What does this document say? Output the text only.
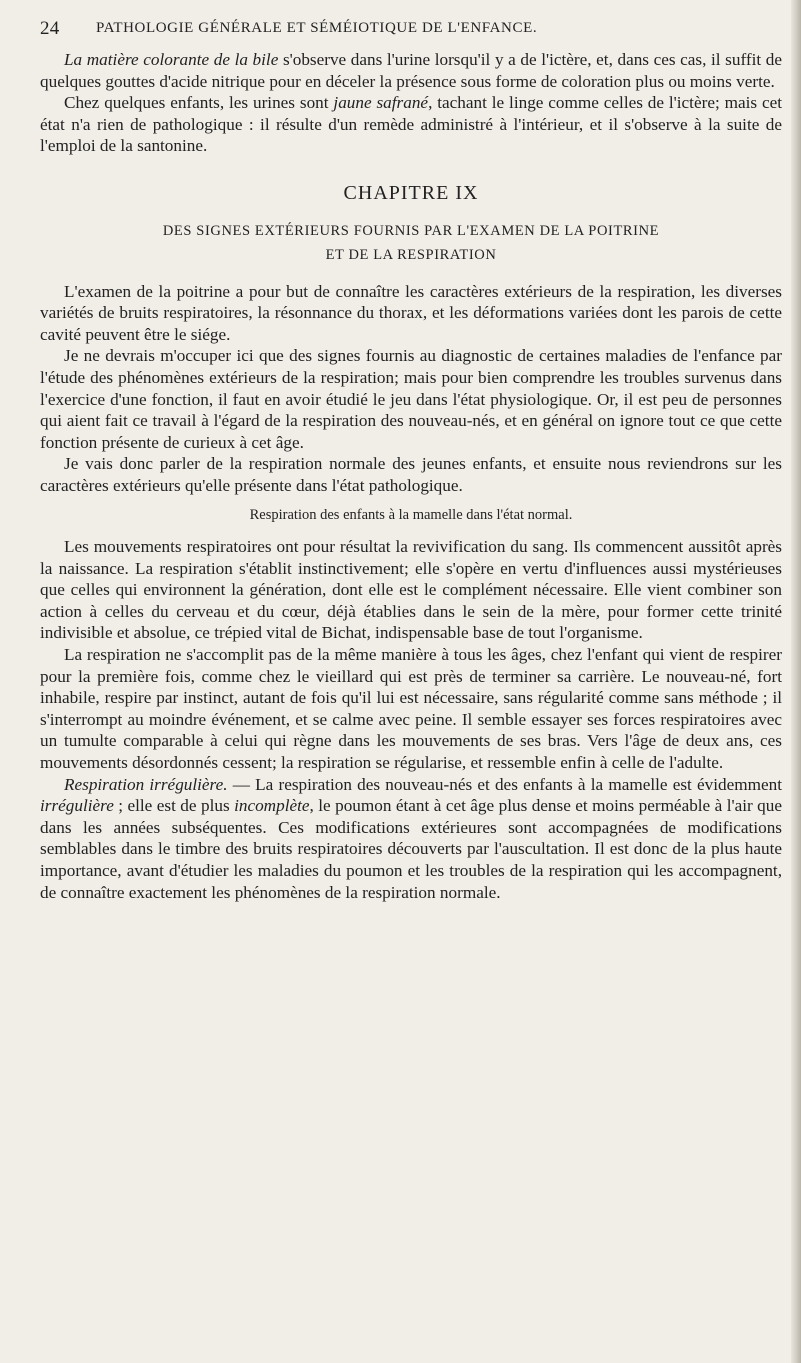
24 PATHOLOGIE GÉNÉRALE ET SÉMÉIOTIQUE DE L'ENFANCE.

La matière colorante de la bile s'observe dans l'urine lorsqu'il y a de l'ictère, et, dans ces cas, il suffit de quelques gouttes d'acide nitrique pour en déceler la présence sous forme de coloration plus ou moins verte.

Chez quelques enfants, les urines sont jaune safrané, tachant le linge comme celles de l'ictère; mais cet état n'a rien de pathologique : il résulte d'un remède administré à l'intérieur, et il s'observe à la suite de l'emploi de la santonine.

CHAPITRE IX
DES SIGNES EXTÉRIEURS FOURNIS PAR L'EXAMEN DE LA POITRINE
ET DE LA RESPIRATION

L'examen de la poitrine a pour but de connaître les caractères extérieurs de la respiration, les diverses variétés de bruits respiratoires, la résonnance du thorax, et les déformations variées dont les parois de cette cavité peuvent être le siége.

Je ne devrais m'occuper ici que des signes fournis au diagnostic de certaines maladies de l'enfance par l'étude des phénomènes extérieurs de la respiration; mais pour bien comprendre les troubles survenus dans l'exercice d'une fonction, il faut en avoir étudié le jeu dans l'état physiologique. Or, il est peu de personnes qui aient fait ce travail à l'égard de la respiration des nouveau-nés, et en général on ignore tout ce que cette fonction présente de curieux à cet âge.

Je vais donc parler de la respiration normale des jeunes enfants, et ensuite nous reviendrons sur les caractères extérieurs qu'elle présente dans l'état pathologique.

Respiration des enfants à la mamelle dans l'état normal.

Les mouvements respiratoires ont pour résultat la revivification du sang. Ils commencent aussitôt après la naissance. La respiration s'établit instinctivement; elle s'opère en vertu d'influences aussi mystérieuses que celles qui environnent la génération, dont elle est le complément nécessaire. Elle vient combiner son action à celles du cerveau et du cœur, déjà établies dans le sein de la mère, pour former cette trinité indivisible et absolue, ce trépied vital de Bichat, indispensable base de tout l'organisme.

La respiration ne s'accomplit pas de la même manière à tous les âges, chez l'enfant qui vient de respirer pour la première fois, comme chez le vieillard qui est près de terminer sa carrière. Le nouveau-né, fort inhabile, respire par instinct, autant de fois qu'il lui est nécessaire, sans régularité comme sans méthode ; il s'interrompt au moindre événement, et se calme avec peine. Il semble essayer ses forces respiratoires avec un tumulte comparable à celui qui règne dans les mouvements de ses bras. Vers l'âge de deux ans, ces mouvements désordonnés cessent; la respiration se régularise, et ressemble enfin à celle de l'adulte.

Respiration irrégulière. — La respiration des nouveau-nés et des enfants à la mamelle est évidemment irrégulière ; elle est de plus incomplète, le poumon étant à cet âge plus dense et moins perméable à l'air que dans les années subséquentes. Ces modifications extérieures sont accompagnées de modifications semblables dans le timbre des bruits respiratoires découverts par l'auscultation. Il est donc de la plus haute importance, avant d'étudier les maladies du poumon et les troubles de la respiration qui les accompagnent, de connaître exactement les phénomènes de la respiration normale.
